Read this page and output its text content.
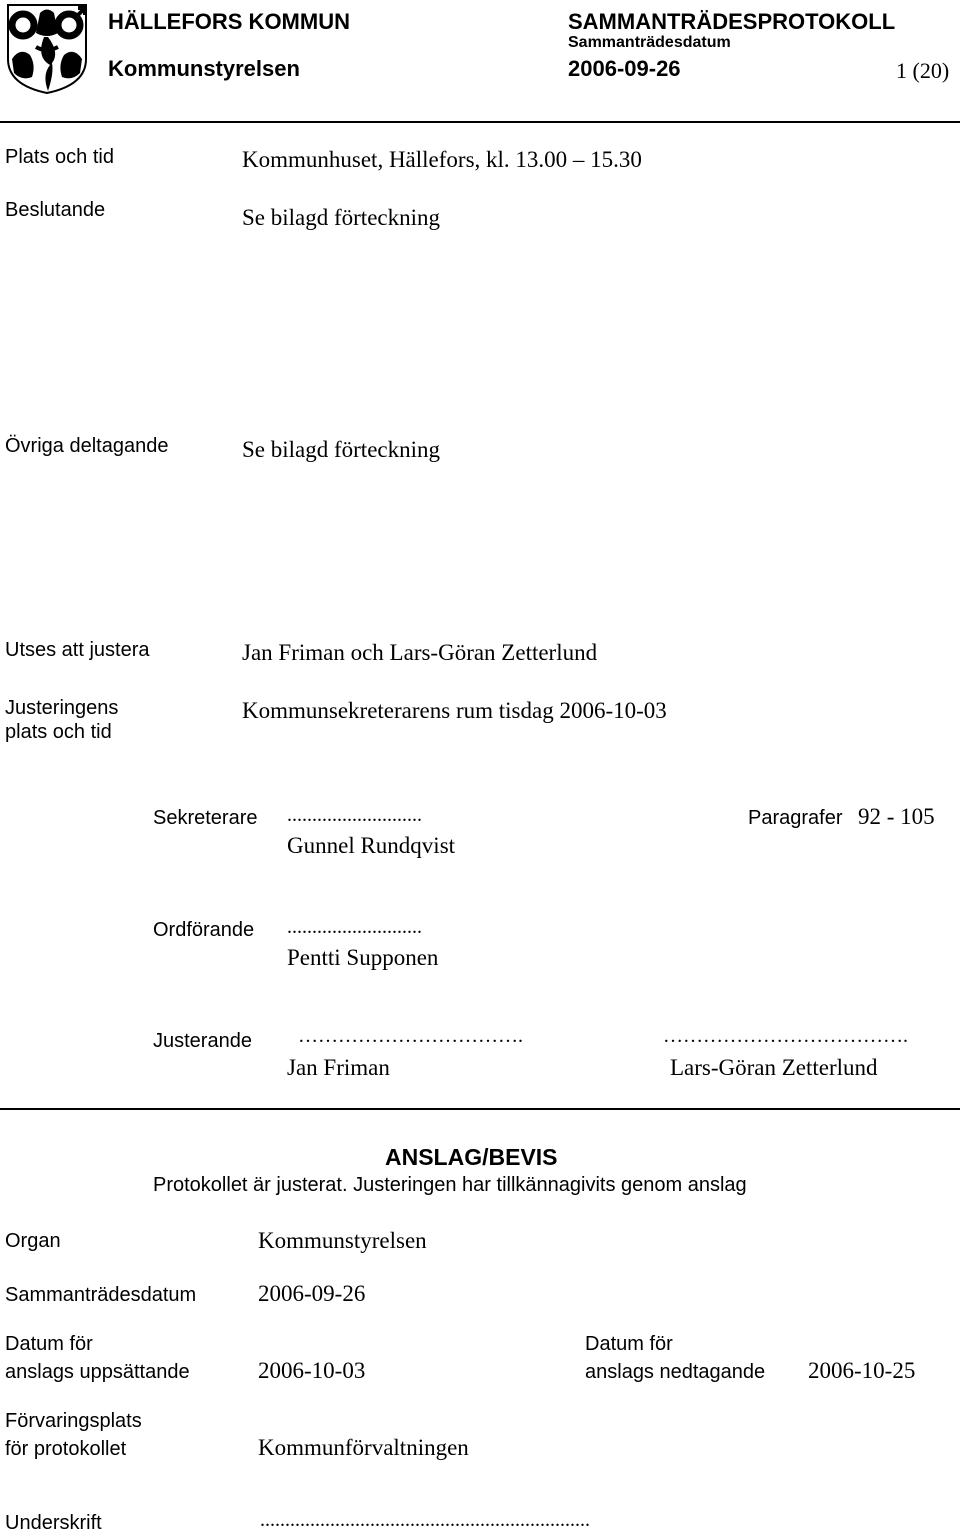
HÄLLEFORS KOMMUN
Kommunstyrelsen
SAMMANTRÄDESPROTOKOLL
Sammanträdesdatum
2006-09-26	1 (20)
Plats och tid	Kommunhuset, Hällefors, kl. 13.00 – 15.30
Beslutande	Se bilagd förteckning
Övriga deltagande	Se bilagd förteckning
Utses att justera	Jan Friman och Lars-Göran Zetterlund
Justeringens
plats och tid
Kommunsekreterarens rum tisdag 2006-10-03
Sekreterare ...........................
Gunnel Rundqvist
Paragrafer 92 - 105
Ordförande ...........................
Pentti Supponen
Justerande …………………………….
Jan Friman
……………………………….
Lars-Göran Zetterlund
ANSLAG/BEVIS
Protokollet är justerat. Justeringen har tillkännagivits genom anslag
Organ	Kommunstyrelsen
Sammanträdesdatum	2006-09-26
Datum för
anslags uppsättande	2006-10-03
Datum för
anslags nedtagande 2006-10-25
Förvaringsplats
för protokollet	Kommunförvaltningen
Underskrift	..................................................................
